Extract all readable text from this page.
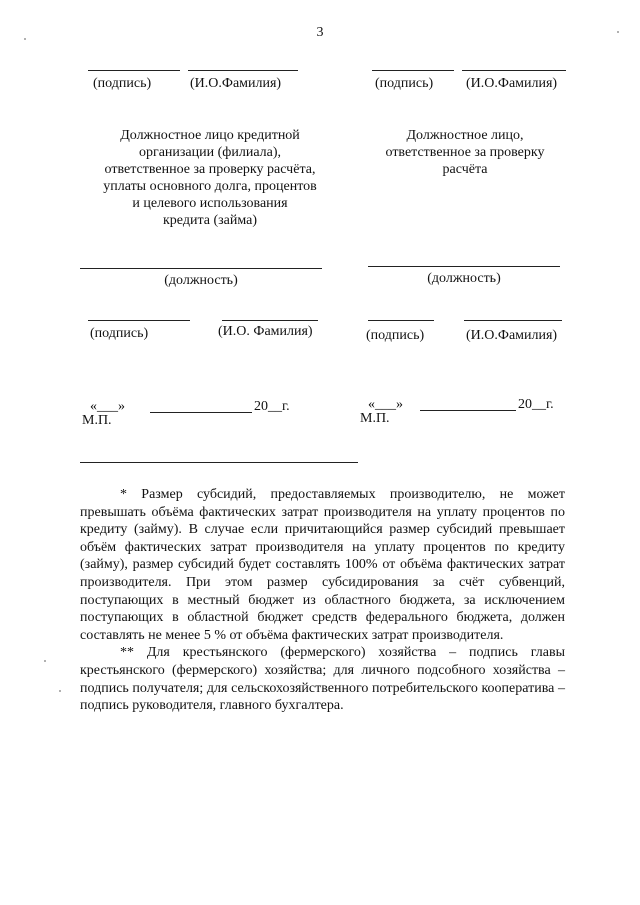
3
(подпись)	(И.О.Фамилия)	(подпись) (И.О.Фамилия)
Должностное лицо кредитной
организации (филиала),
ответственное за проверку расчёта,
уплаты основного долга, процентов
и целевого использования
кредита (займа)
Должностное лицо,
ответственное за проверку
расчёта
(должность)	(должность)
(подпись)	(И.О. Фамилия)	(подпись)	(И.О.Фамилия)
«___»	20__г.
М.П.
«___»	20__г.
М.П.

* Размер субсидий, предоставляемых производителю, не может превышать объёма фактических затрат производителя на уплату процентов по кредиту (займу). В случае если причитающийся размер субсидий превышает объём фактических затрат производителя на уплату процентов по кредиту (займу), размер субсидий будет составлять 100% от объёма фактических затрат производителя. При этом размер субсидирования за счёт субвенций, поступающих в местный бюджет из областного бюджета, за исключением поступающих в областной бюджет средств федерального бюджета, должен составлять не менее 5 % от объёма фактических затрат производителя.

** Для крестьянского (фермерского) хозяйства – подпись главы крестьянского (фермерского) хозяйства; для личного подсобного хозяйства – подпись получателя; для сельскохозяйственного потребительского кооператива – подпись руководителя, главного бухгалтера.
